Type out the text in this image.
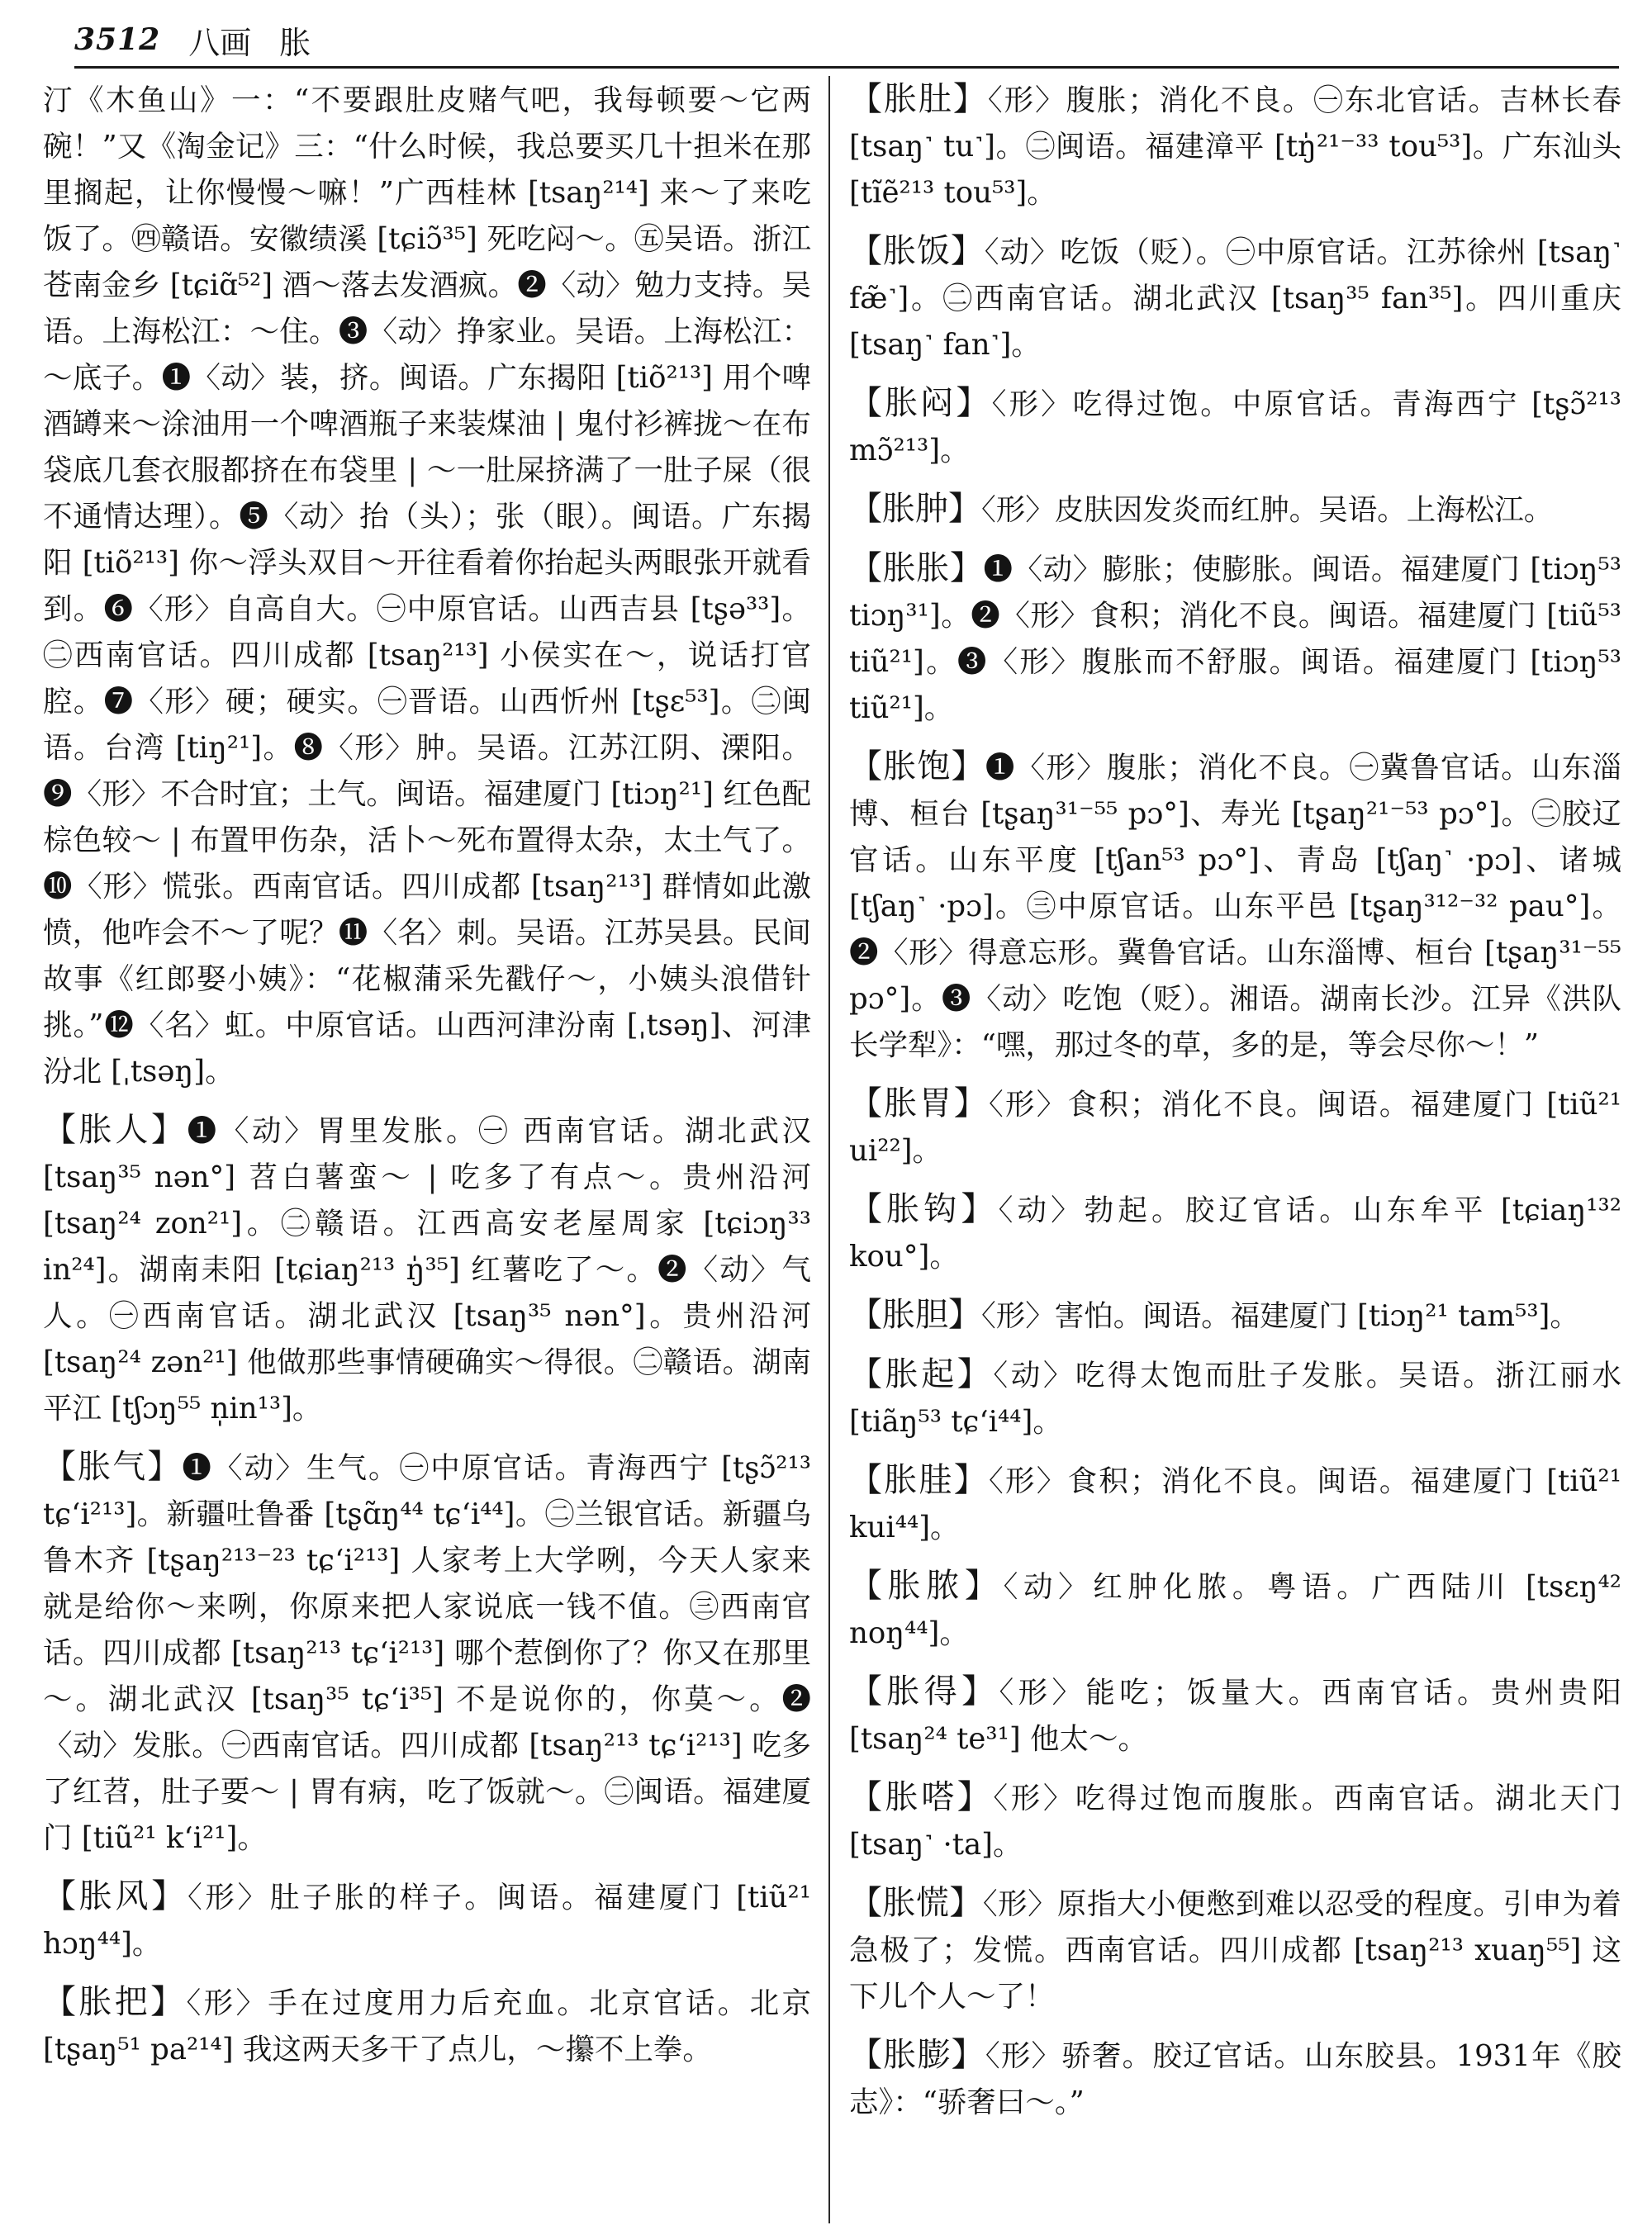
3512 八画 胀

汀《木鱼山》一：“不要跟肚皮赌气吧，我每顿要～它两碗！”又《淘金记》三：“什么时候，我总要买几十担米在那里搁起，让你慢慢～嘛！”广西桂林 [tsaŋ²¹⁴] 来～了来吃饭了。㊃赣语。安徽绩溪 [tɕiɔ̃³⁵] 死吃闷～。㊄吴语。浙江苍南金乡 [tɕiɑ̃⁵²] 酒～落去发酒疯。❷〈动〉勉力支持。吴语。上海松江：～住。❸〈动〉挣家业。吴语。上海松江：～底子。❶〈动〉装，挤。闽语。广东揭阳 [tiõ²¹³] 用个啤酒罇来～涂油用一个啤酒瓶子来装煤油 | 鬼付衫裤拢～在布袋底几套衣服都挤在布袋里 | ～一肚屎挤满了一肚子屎（很不通情达理）。❺〈动〉抬（头）；张（眼）。闽语。广东揭阳 [tiõ²¹³] 你～浮头双目～开往看着你抬起头两眼张开就看到。❻〈形〉自高自大。㊀中原官话。山西吉县 [tʂə³³]。㊁西南官话。四川成都 [tsaŋ²¹³] 小侯实在～，说话打官腔。❼〈形〉硬；硬实。㊀晋语。山西忻州 [tʂɛ⁵³]。㊁闽语。台湾 [tiŋ²¹]。❽〈形〉肿。吴语。江苏江阴、溧阳。❾〈形〉不合时宜；土气。闽语。福建厦门 [tiɔŋ²¹] 红色配棕色较～ | 布置甲伤杂，活卜～死布置得太杂，太土气了。❿〈形〉慌张。西南官话。四川成都 [tsaŋ²¹³] 群情如此激愤，他咋会不～了呢？⓫〈名〉刺。吴语。江苏吴县。民间故事《红郎娶小姨》：“花椒蒲采先戳仔～，小姨头浪借针挑。”⓬〈名〉虹。中原官话。山西河津汾南 [ˌtsəŋ]、河津汾北 [ˌtsəŋ]。

【胀人】❶〈动〉胃里发胀。㊀ 西南官话。湖北武汉 [tsaŋ³⁵ nən°] 苕白薯蛮～ | 吃多了有点～。贵州沿河 [tsaŋ²⁴ zon²¹]。㊁赣语。江西高安老屋周家 [tɕiɔŋ³³ in²⁴]。湖南耒阳 [tɕiaŋ²¹³ ŋ̍³⁵] 红薯吃了～。❷〈动〉气人。㊀西南官话。湖北武汉 [tsaŋ³⁵ nən°]。贵州沿河 [tsaŋ²⁴ zən²¹] 他做那些事情硬确实～得很。㊁赣语。湖南平江 [tʃɔŋ⁵⁵ n̩in¹³]。

【胀气】❶〈动〉生气。㊀中原官话。青海西宁 [tʂɔ̃²¹³ tɕʻi²¹³]。新疆吐鲁番 [tʂɑ̃ŋ⁴⁴ tɕʻi⁴⁴]。㊁兰银官话。新疆乌鲁木齐 [tʂaŋ²¹³⁻²³ tɕʻi²¹³] 人家考上大学咧，今天人家来就是给你～来咧，你原来把人家说底一钱不值。㊂西南官话。四川成都 [tsaŋ²¹³ tɕʻi²¹³] 哪个惹倒你了？你又在那里～。湖北武汉 [tsaŋ³⁵ tɕʻi³⁵] 不是说你的，你莫～。❷〈动〉发胀。㊀西南官话。四川成都 [tsaŋ²¹³ tɕʻi²¹³] 吃多了红苕，肚子要～ | 胃有病，吃了饭就～。㊁闽语。福建厦门 [tiũ²¹ kʻi²¹]。

【胀风】〈形〉肚子胀的样子。闽语。福建厦门 [tiũ²¹ hɔŋ⁴⁴]。

【胀把】〈形〉手在过度用力后充血。北京官话。北京 [tʂaŋ⁵¹ pa²¹⁴] 我这两天多干了点儿，～攥不上拳。

【胀肚】〈形〉腹胀；消化不良。㊀东北官话。吉林长春 [tsaŋ˺ tu˺]。㊁闽语。福建漳平 [tŋ̍²¹⁻³³ tou⁵³]。广东汕头 [tĩẽ²¹³ tou⁵³]。

【胀饭】〈动〉吃饭（贬）。㊀中原官话。江苏徐州 [tsaŋ˺ fæ̃˺]。㊁西南官话。湖北武汉 [tsaŋ³⁵ fan³⁵]。四川重庆 [tsaŋ˺ fan˺]。

【胀闷】〈形〉吃得过饱。中原官话。青海西宁 [tʂɔ̃²¹³ mɔ̃²¹³]。

【胀肿】〈形〉皮肤因发炎而红肿。吴语。上海松江。

【胀胀】❶〈动〉膨胀；使膨胀。闽语。福建厦门 [tiɔŋ⁵³ tiɔŋ³¹]。❷〈形〉食积；消化不良。闽语。福建厦门 [tiũ⁵³ tiũ²¹]。❸〈形〉腹胀而不舒服。闽语。福建厦门 [tiɔŋ⁵³ tiũ²¹]。

【胀饱】❶〈形〉腹胀；消化不良。㊀冀鲁官话。山东淄博、桓台 [tʂaŋ³¹⁻⁵⁵ pɔ°]、寿光 [tʂaŋ²¹⁻⁵³ pɔ°]。㊁胶辽官话。山东平度 [tʃan⁵³ pɔ°]、青岛 [tʃaŋ˺ ·pɔ]、诸城 [tʃaŋ˺ ·pɔ]。㊂中原官话。山东平邑 [tʂaŋ³¹²⁻³² pau°]。❷〈形〉得意忘形。冀鲁官话。山东淄博、桓台 [tʂaŋ³¹⁻⁵⁵ pɔ°]。❸〈动〉吃饱（贬）。湘语。湖南长沙。江异《洪队长学犁》：“嘿，那过冬的草，多的是，等会尽你～！”

【胀胃】〈形〉食积；消化不良。闽语。福建厦门 [tiũ²¹ ui²²]。

【胀钩】〈动〉勃起。胶辽官话。山东牟平 [tɕiaŋ¹³² kou°]。

【胀胆】〈形〉害怕。闽语。福建厦门 [tiɔŋ²¹ tam⁵³]。

【胀起】〈动〉吃得太饱而肚子发胀。吴语。浙江丽水 [tiãŋ⁵³ tɕʻi⁴⁴]。

【胀胿】〈形〉食积；消化不良。闽语。福建厦门 [tiũ²¹ kui⁴⁴]。

【胀脓】〈动〉红肿化脓。粤语。广西陆川 [tsɛŋ⁴² noŋ⁴⁴]。

【胀得】〈形〉能吃；饭量大。西南官话。贵州贵阳 [tsaŋ²⁴ te³¹] 他太～。

【胀嗒】〈形〉吃得过饱而腹胀。西南官话。湖北天门 [tsaŋ˺ ·ta]。

【胀慌】〈形〉原指大小便憋到难以忍受的程度。引申为着急极了；发慌。西南官话。四川成都 [tsaŋ²¹³ xuaŋ⁵⁵] 这下儿个人～了！

【胀膨】〈形〉骄奢。胶辽官话。山东胶县。1931年《胶志》：“骄奢曰～。”
